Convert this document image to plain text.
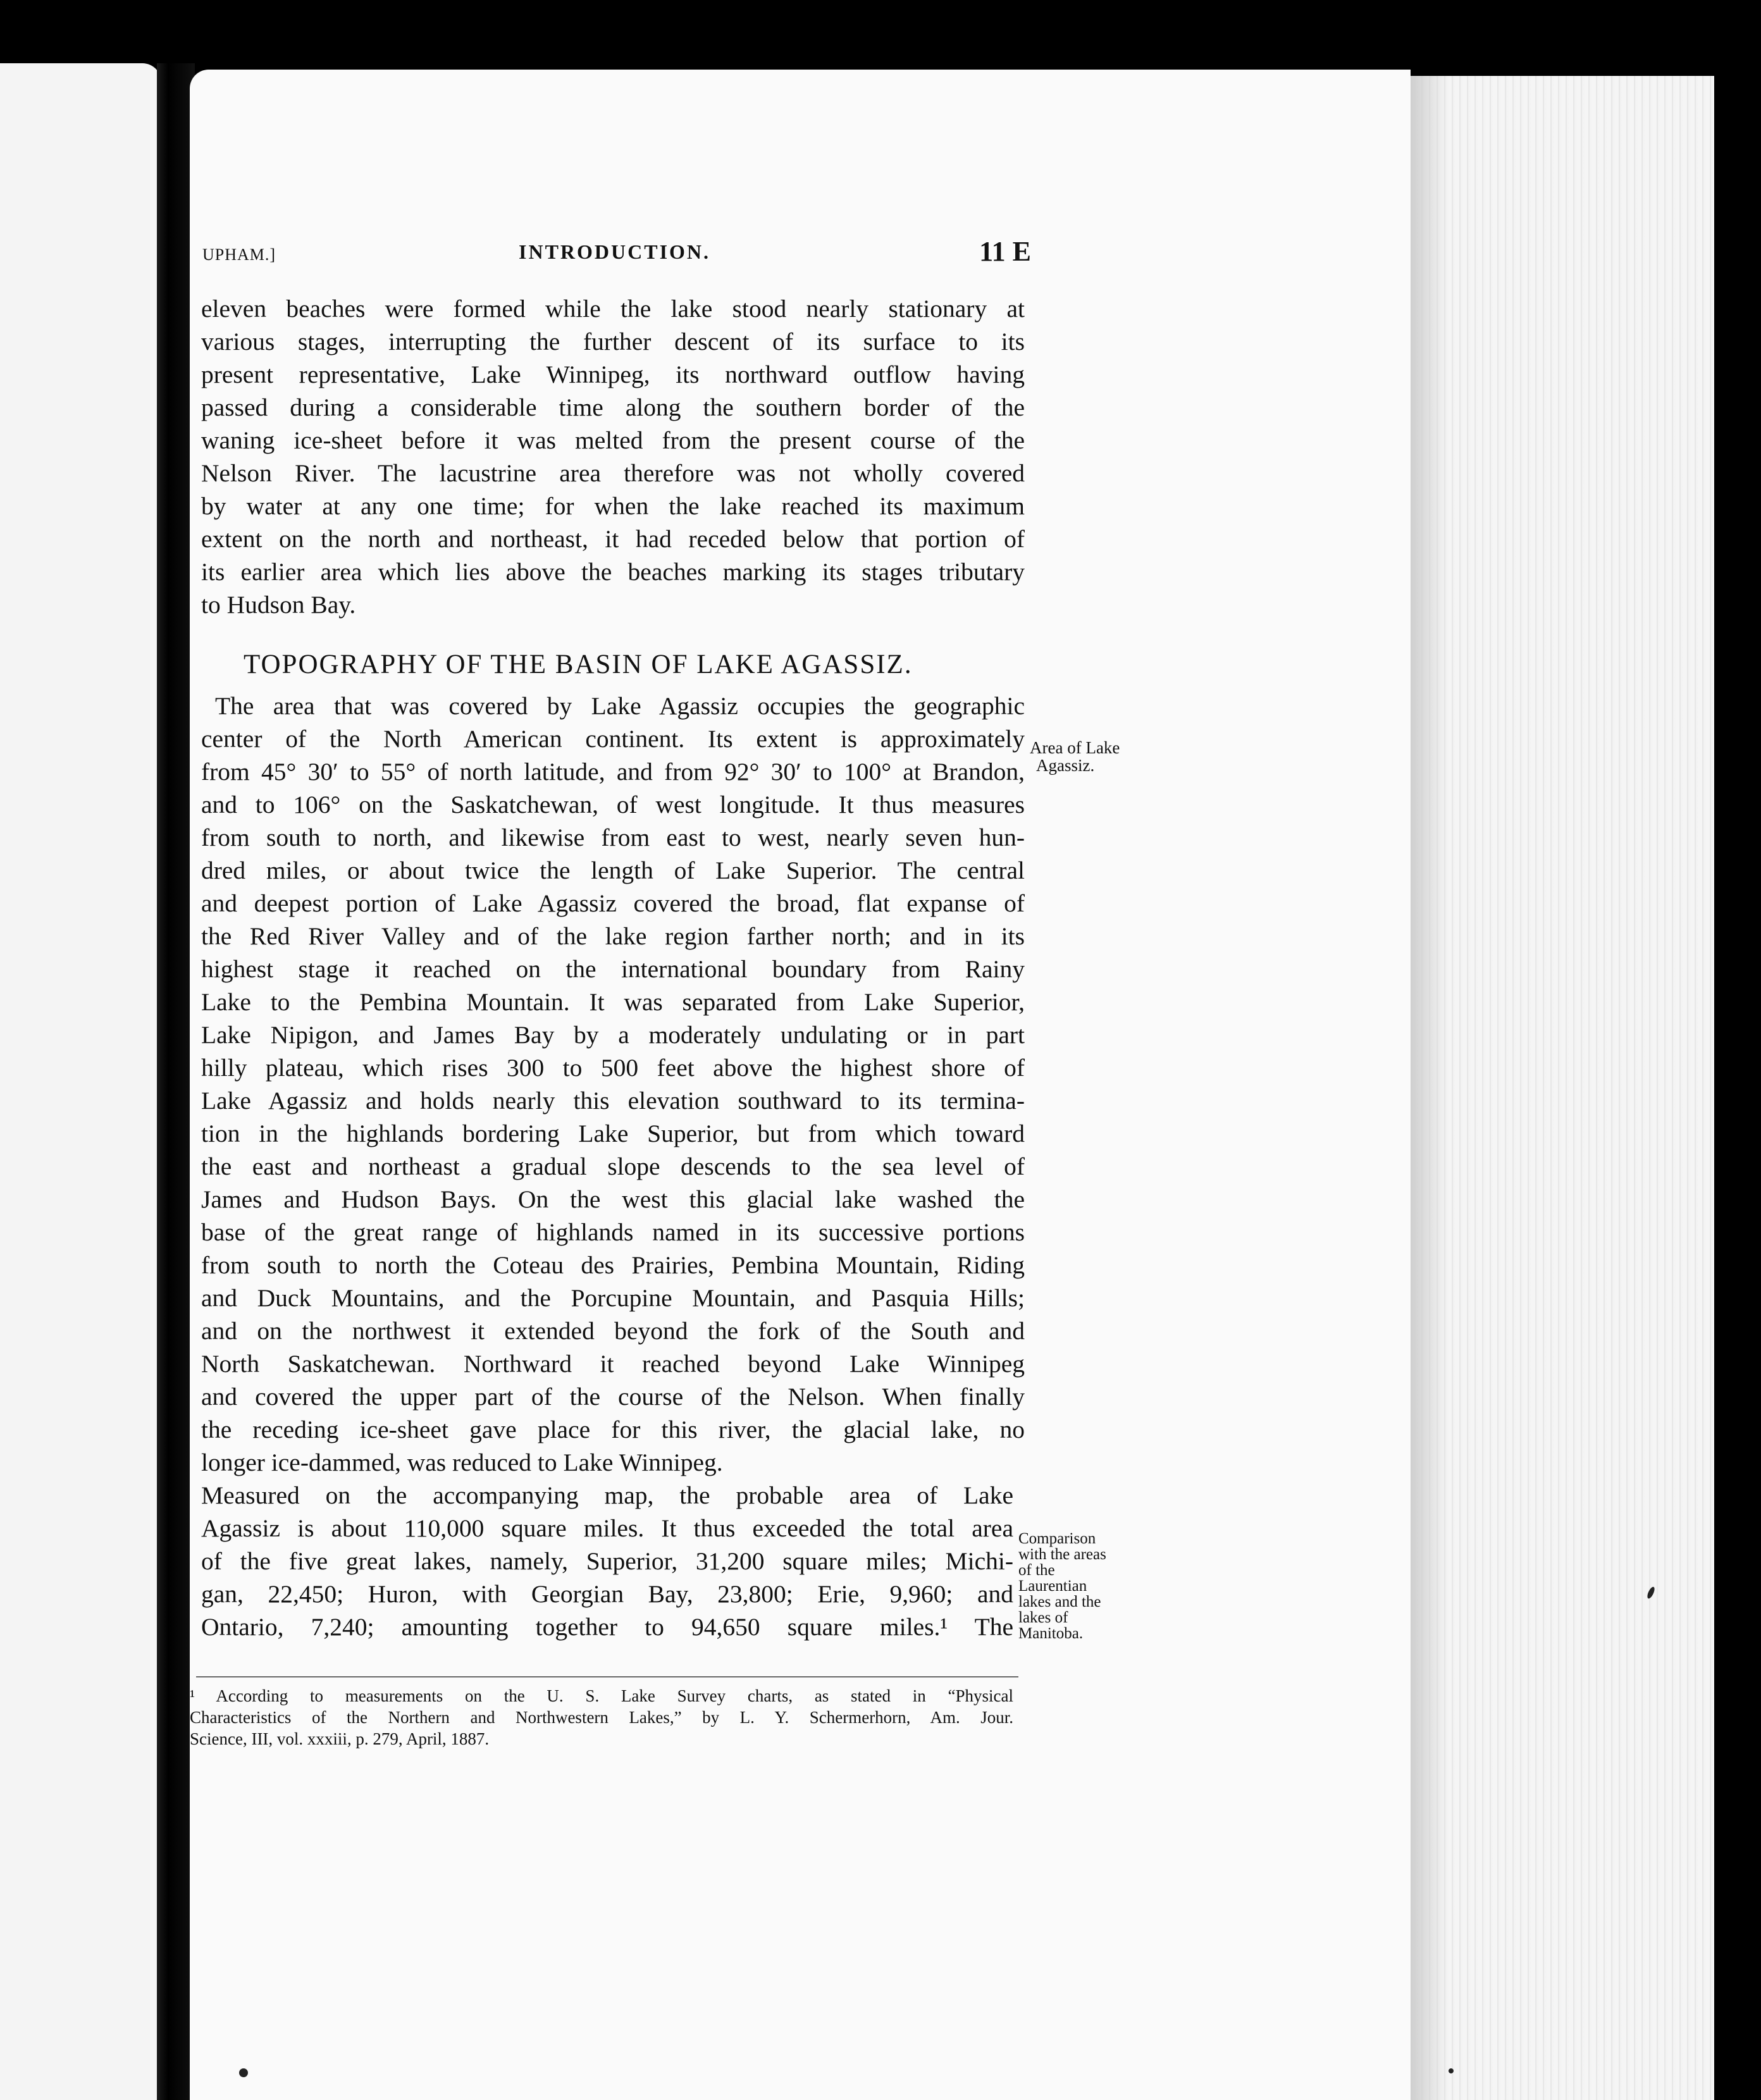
UPHAM.]	INTRODUCTION.	11 E
eleven beaches were formed while the lake stood nearly stationary at
various stages, interrupting the further descent of its surface to its
present representative, Lake Winnipeg, its northward outflow having
passed during a considerable time along the southern border of the
waning ice-sheet before it was melted from the present course of the
Nelson River. The lacustrine area therefore was not wholly covered
by water at any one time; for when the lake reached its maximum
extent on the north and northeast, it had receded below that portion of
its earlier area which lies above the beaches marking its stages tributary
to Hudson Bay.
TOPOGRAPHY OF THE BASIN OF LAKE AGASSIZ.
The area that was covered by Lake Agassiz occupies the geographic
center of the North American continent. Its extent is approximately
from 45° 30′ to 55° of north latitude, and from 92° 30′ to 100° at Brandon,
and to 106° on the Saskatchewan, of west longitude. It thus measures
from south to north, and likewise from east to west, nearly seven hun-
dred miles, or about twice the length of Lake Superior. The central
and deepest portion of Lake Agassiz covered the broad, flat expanse of
the Red River Valley and of the lake region farther north; and in its
highest stage it reached on the international boundary from Rainy
Lake to the Pembina Mountain. It was separated from Lake Superior,
Lake Nipigon, and James Bay by a moderately undulating or in part
hilly plateau, which rises 300 to 500 feet above the highest shore of
Lake Agassiz and holds nearly this elevation southward to its termina-
tion in the highlands bordering Lake Superior, but from which toward
the east and northeast a gradual slope descends to the sea level of
James and Hudson Bays. On the west this glacial lake washed the
base of the great range of highlands named in its successive portions
from south to north the Coteau des Prairies, Pembina Mountain, Riding
and Duck Mountains, and the Porcupine Mountain, and Pasquia Hills;
and on the northwest it extended beyond the fork of the South and
North Saskatchewan. Northward it reached beyond Lake Winnipeg
and covered the upper part of the course of the Nelson. When finally
the receding ice-sheet gave place for this river, the glacial lake, no
longer ice-dammed, was reduced to Lake Winnipeg.
Measured on the accompanying map, the probable area of Lake
Agassiz is about 110,000 square miles. It thus exceeded the total area
of the five great lakes, namely, Superior, 31,200 square miles; Michi-
gan, 22,450; Huron, with Georgian Bay, 23,800; Erie, 9,960; and
Ontario, 7,240; amounting together to 94,650 square miles.¹ The
Area of Lake
Agassiz.
Comparison
with the areas
of the
Laurentian
lakes and the
lakes of
Manitoba.
¹ According to measurements on the U. S. Lake Survey charts, as stated in “Physical
Characteristics of the Northern and Northwestern Lakes,” by L. Y. Schermerhorn, Am. Jour.
Science, III, vol. xxxiii, p. 279, April, 1887.
